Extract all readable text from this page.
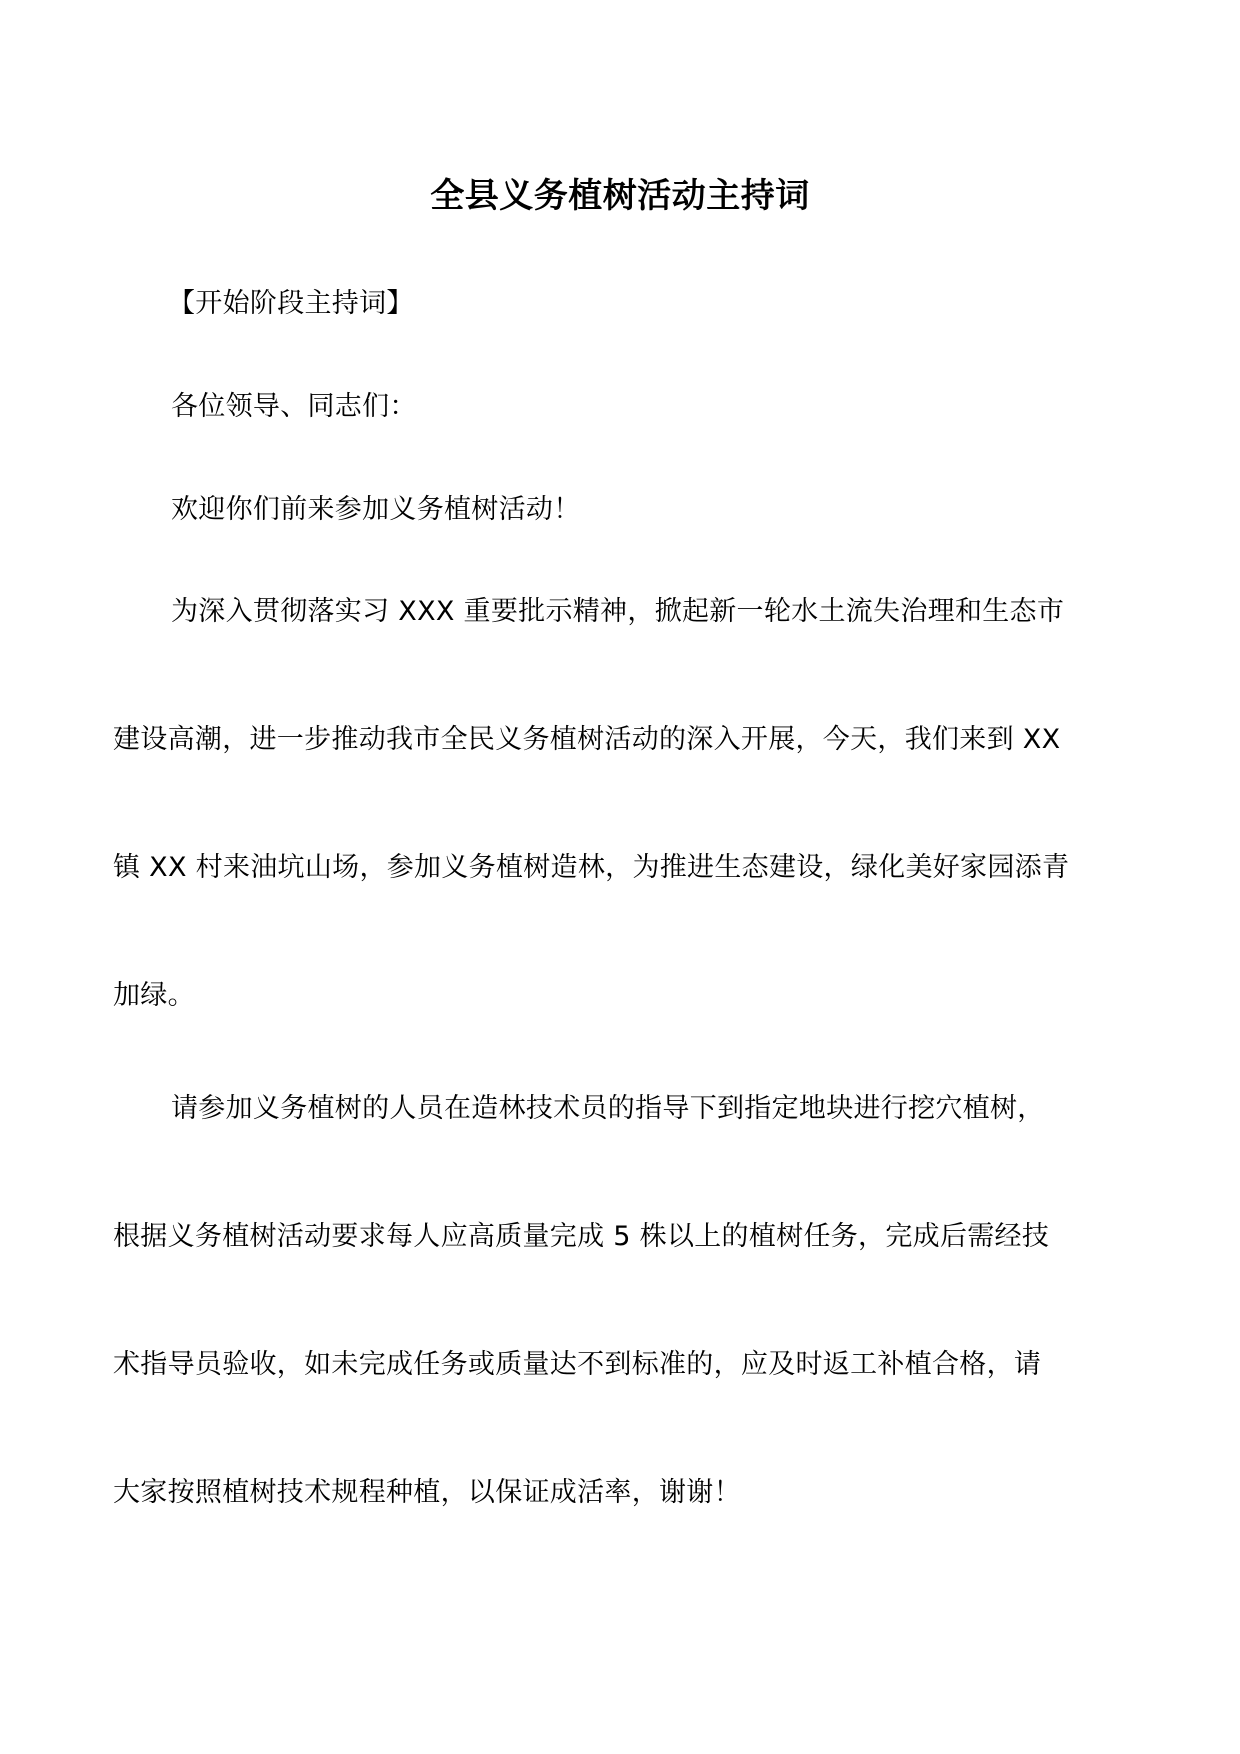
全县义务植树活动主持词
【开始阶段主持词】
各位领导、同志们：
欢迎你们前来参加义务植树活动！
为深入贯彻落实习 XXX 重要批示精神，掀起新一轮水土流失治理和生态市
建设高潮，进一步推动我市全民义务植树活动的深入开展，今天，我们来到 XX
镇 XX 村来油坑山场，参加义务植树造林，为推进生态建设，绿化美好家园添青
加绿。
请参加义务植树的人员在造林技术员的指导下到指定地块进行挖穴植树，
根据义务植树活动要求每人应高质量完成 5 株以上的植树任务，完成后需经技
术指导员验收，如未完成任务或质量达不到标准的，应及时返工补植合格，请
大家按照植树技术规程种植，以保证成活率，谢谢！
